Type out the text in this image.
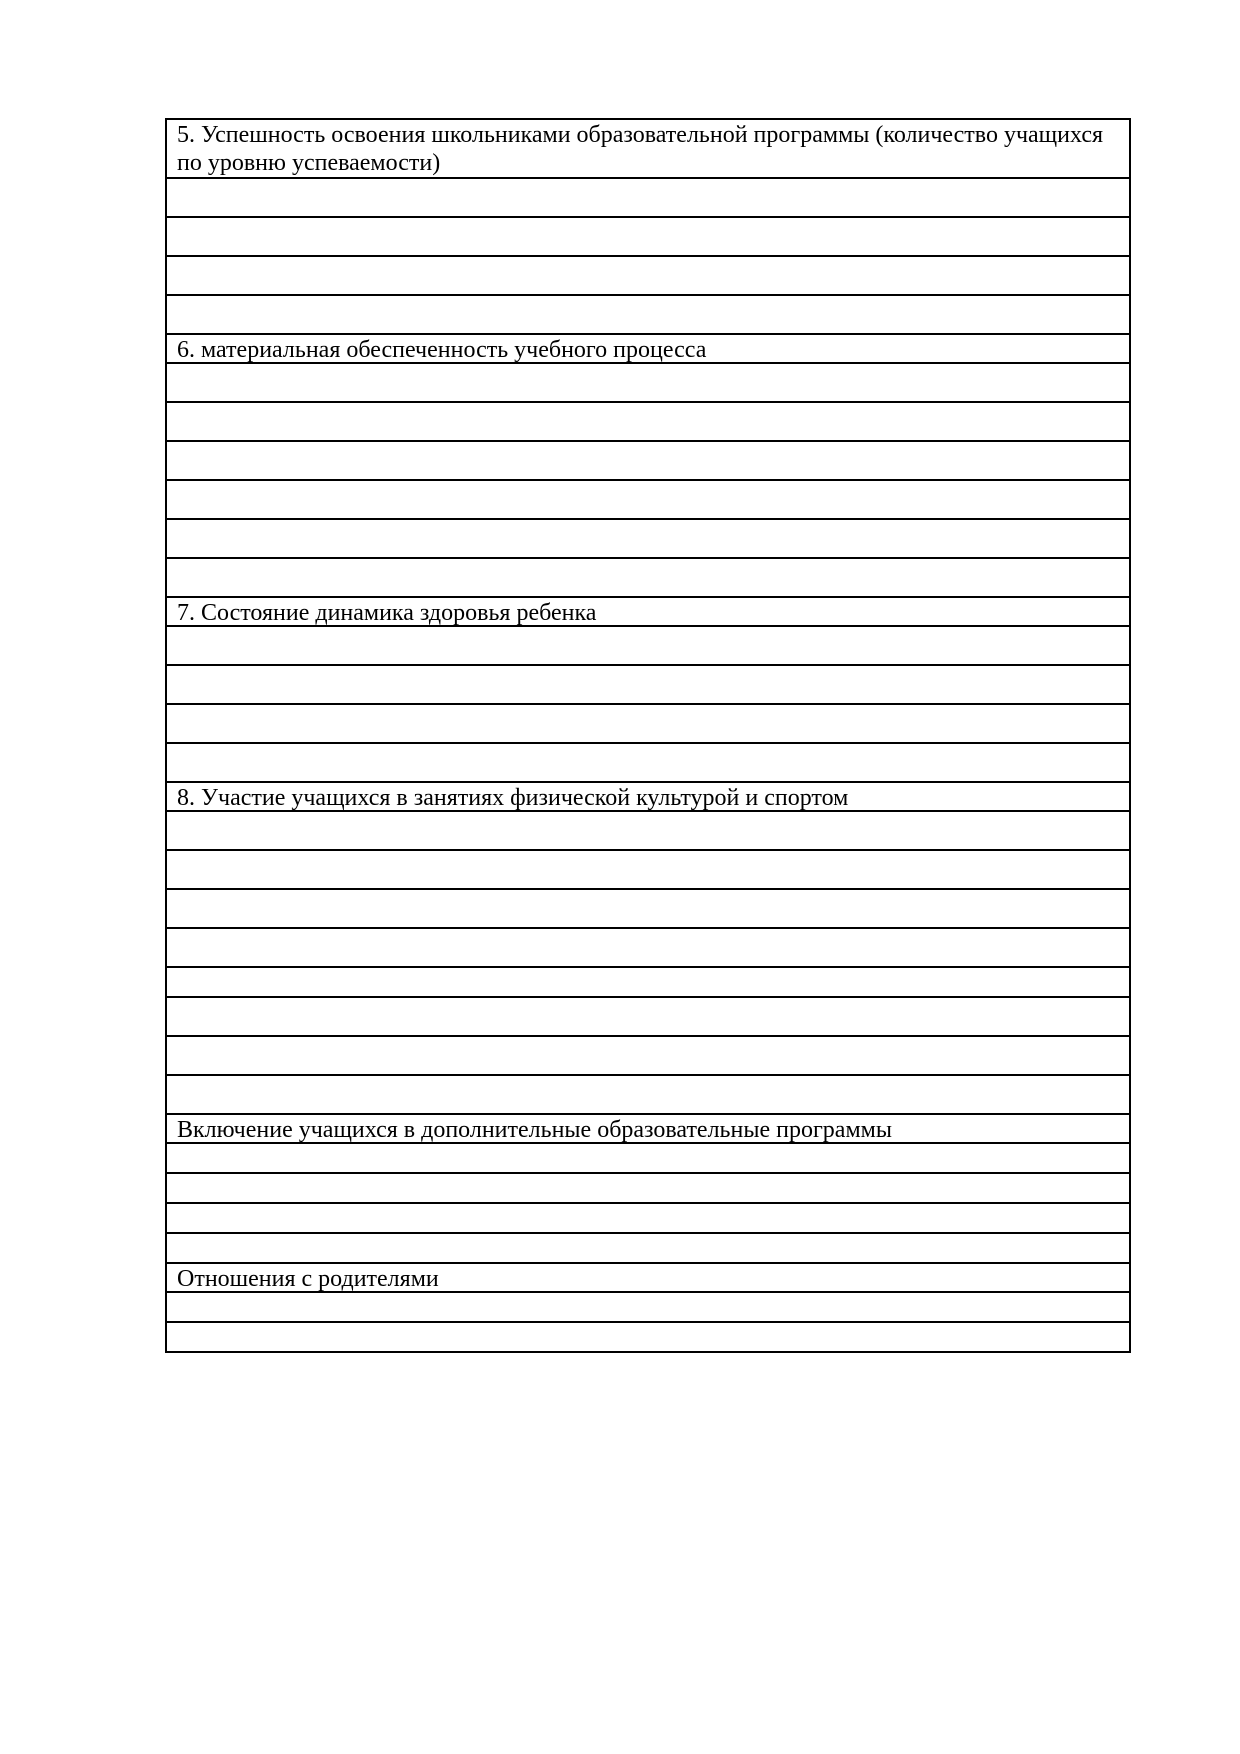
5. Успешность освоения школьниками образовательной программы (количество учащихся по уровню успеваемости)
6. материальная обеспеченность учебного процесса
7. Состояние динамика здоровья ребенка
8. Участие учащихся в занятиях физической культурой и спортом
Включение учащихся в дополнительные образовательные программы
Отношения с родителями
